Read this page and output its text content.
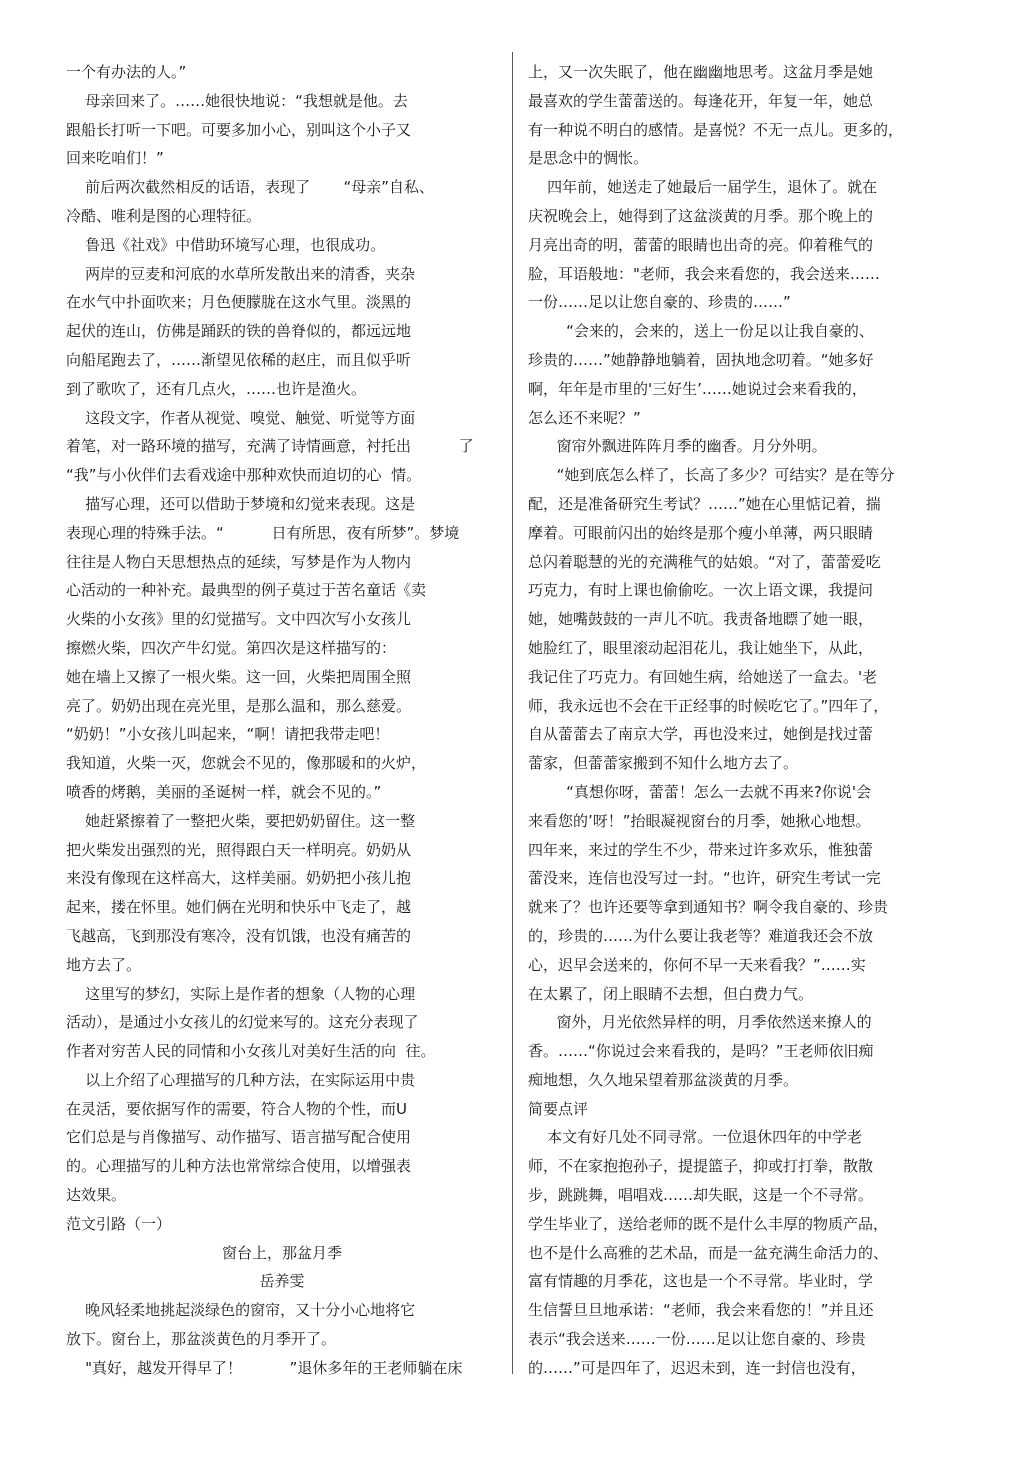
一个有办法的人。”
母亲回来了。……她很快地说：“我想就是他。去
跟船长打听一下吧。可要多加小心，别叫这个小子又
回来吃咱们！”
前后两次截然相反的话语，表现了       “母亲”自私、
冷酷、唯利是图的心理特征。
鲁迅《社戏》中借助环境写心理，也很成功。
两岸的豆麦和河底的水草所发散出来的清香，夹杂
在水气中扑面吹来；月色便朦胧在这水气里。淡黑的
起伏的连山，仿佛是踊跃的铁的兽脊似的，都远远地
向船尾跑去了，……渐望见依稀的赵庄，而且似乎听
到了歌吹了，还有几点火，……也许是渔火。
这段文字，作者从视觉、嗅觉、触觉、听觉等方面
着笔，对一路环境的描写，充满了诗情画意，衬托出          了
“我”与小伙伴们去看戏途中那种欢快而迫切的心  情。
描写心理，还可以借助于梦境和幻觉来表现。这是
表现心理的特殊手法。“          日有所思，夜有所梦”。梦境
往往是人物白天思想热点的延续，写梦是作为人物内
心活动的一种补充。最典型的例子莫过于苦名童话《卖
火柴的小女孩》里的幻觉描写。文中四次写小女孩儿
擦燃火柴，四次产牛幻觉。第四次是这样描写的：
她在墙上又擦了一根火柴。这一回，火柴把周围全照
亮了。奶奶出现在亮光里，是那么温和，那么慈爱。
“奶奶！”小女孩儿叫起来，“啊！请把我带走吧！
我知道，火柴一灭，您就会不见的，像那暖和的火炉，
喷香的烤鹅，美丽的圣诞树一样，就会不见的。”
她赶紧擦着了一整把火柴，要把奶奶留住。这一整
把火柴发出强烈的光，照得跟白天一样明亮。奶奶从
来没有像现在这样高大，这样美丽。奶奶把小孩儿抱
起来，搂在怀里。她们俩在光明和快乐中飞走了，越
飞越高，飞到那没有寒冷，没有饥饿，也没有痛苦的
地方去了。
这里写的梦幻，实际上是作者的想象（人物的心理
活动），是通过小女孩儿的幻觉来写的。这充分表现了
作者对穷苦人民的同情和小女孩儿对美好生活的向  往。
以上介绍了心理描写的几种方法，在实际运用中贵
在灵活，要依据写作的需要，符合人物的个性，而U
它们总是与肖像描写、动作描写、语言描写配合使用
的。心理描写的儿种方法也常常综合使用，以增强表
达效果。
范文引路（一）
窗台上，那盆月季
岳养雯
晚风轻柔地挑起淡绿色的窗帘，又十分小心地将它
放下。窗台上，那盆淡黄色的月季开了。
"真好，越发开得早了！          ”退休多年的王老师躺在床
上，又一次失眠了，他在幽幽地思考。这盆月季是她
最喜欢的学生蕾蕾送的。每逢花开，年复一年，她总
有一种说不明白的感情。是喜悦？不无一点儿。更多的，
是思念中的惆怅。
四年前，她送走了她最后一届学生，退休了。就在
庆祝晚会上，她得到了这盆淡黄的月季。那个晚上的
月亮出奇的明，蕾蕾的眼睛也出奇的亮。仰着稚气的
脸，耳语般地："老师，我会来看您的，我会送来……
一份……足以让您自豪的、珍贵的……”
“会来的，会来的，送上一份足以让我自豪的、
珍贵的……”她静静地躺着，固执地念叨着。“她多好
啊，年年是市里的'三好生’……她说过会来看我的，
怎么还不来呢？”
窗帘外飘进阵阵月季的幽香。月分外明。
“她到底怎么样了，长高了多少？可结实？是在等分
配，还是准备研究生考试？……”她在心里惦记着，揣
摩着。可眼前闪出的始终是那个瘦小单薄，两只眼睛
总闪着聪慧的光的充满稚气的姑娘。“对了，蕾蕾爱吃
巧克力，有时上课也偷偷吃。一次上语文课，我提问
她，她嘴鼓鼓的一声儿不吭。我责备地瞟了她一眼，
她脸红了，眼里滚动起泪花儿，我让她坐下，从此，
我记住了巧克力。有回她生病，给她送了一盒去。'老
师，我永远也不会在干正经事的时候吃它了。”四年了，
自从蕾蕾去了南京大学，再也没来过，她倒是找过蕾
蕾家，但蕾蕾家搬到不知什么地方去了。
“真想你呀，蕾蕾！怎么一去就不再来?你说'会
来看您的’呀！”抬眼凝视窗台的月季，她揪心地想。
四年来，来过的学生不少，带来过许多欢乐，惟独蕾
蕾没来，连信也没写过一封。“也许，研究生考试一完
就来了？也许还要等拿到通知书？啊令我自豪的、珍贵
的，珍贵的……为什么要让我老等？难道我还会不放
心，迟早会送来的，你何不早一天来看我？”……实
在太累了，闭上眼睛不去想，但白费力气。
窗外，月光依然异样的明，月季依然送来撩人的
香。……“你说过会来看我的，是吗？”王老师依旧痴
痴地想，久久地呆望着那盆淡黄的月季。
简要点评
本文有好几处不同寻常。一位退休四年的中学老
师，不在家抱抱孙子，提提篮子，抑或打打拳，散散
步，跳跳舞，唱唱戏……却失眠，这是一个不寻常。
学生毕业了，送给老师的既不是什么丰厚的物质产品，
也不是什么高雅的艺术品，而是一盆充满生命活力的、
富有情趣的月季花，这也是一个不寻常。毕业时，学
生信誓旦旦地承诺：“老师，我会来看您的！”并且还
表示“我会送来……一份……足以让您自豪的、珍贵
的……”可是四年了，迟迟未到，连一封信也没有，
